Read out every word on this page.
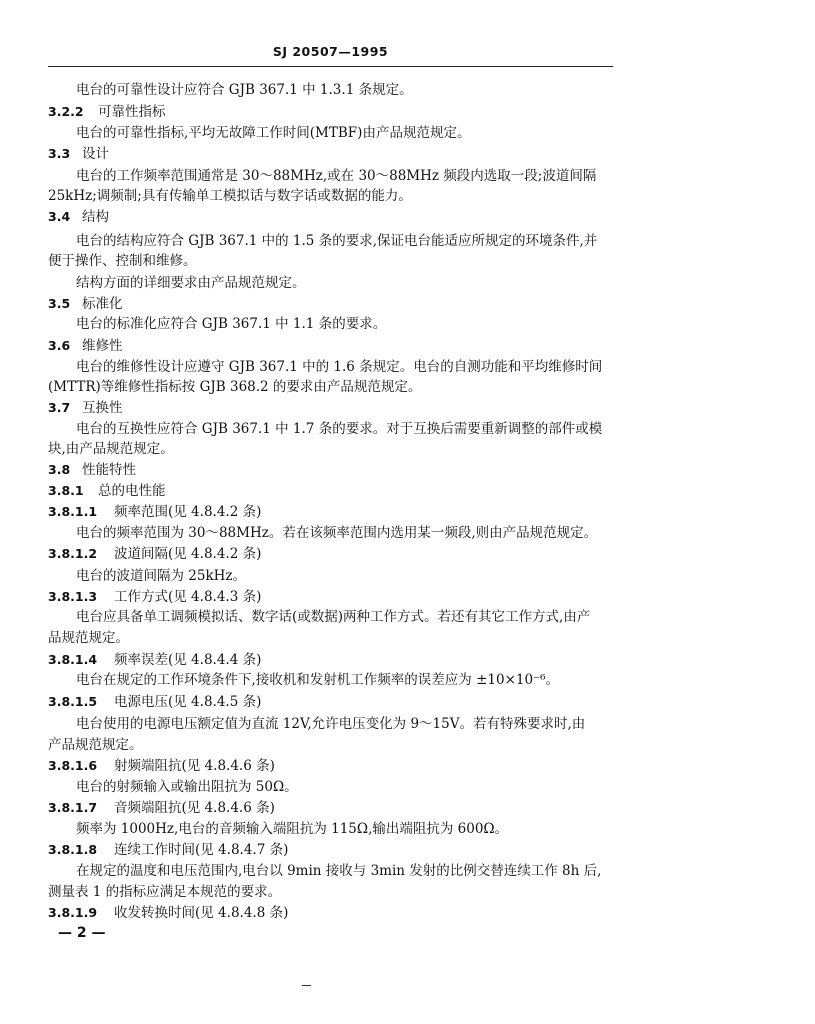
SJ 20507—1995
电台的可靠性设计应符合 GJB 367.1 中 1.3.1 条规定。
3.2.2 可靠性指标
电台的可靠性指标,平均无故障工作时间(MTBF)由产品规范规定。
3.3 设计
电台的工作频率范围通常是 30～88MHz,或在 30～88MHz 频段内选取一段;波道间隔
25kHz;调频制;具有传输单工模拟话与数字话或数据的能力。
3.4 结构
电台的结构应符合 GJB 367.1 中的 1.5 条的要求,保证电台能适应所规定的环境条件,并
便于操作、控制和维修。
结构方面的详细要求由产品规范规定。
3.5 标准化
电台的标准化应符合 GJB 367.1 中 1.1 条的要求。
3.6 维修性
电台的维修性设计应遵守 GJB 367.1 中的 1.6 条规定。电台的自测功能和平均维修时间
(MTTR)等维修性指标按 GJB 368.2 的要求由产品规范规定。
3.7 互换性
电台的互换性应符合 GJB 367.1 中 1.7 条的要求。对于互换后需要重新调整的部件或模
块,由产品规范规定。
3.8 性能特性
3.8.1 总的电性能
3.8.1.1 频率范围(见 4.8.4.2 条)
电台的频率范围为 30～88MHz。若在该频率范围内选用某一频段,则由产品规范规定。
3.8.1.2 波道间隔(见 4.8.4.2 条)
电台的波道间隔为 25kHz。
3.8.1.3 工作方式(见 4.8.4.3 条)
电台应具备单工调频模拟话、数字话(或数据)两种工作方式。若还有其它工作方式,由产
品规范规定。
3.8.1.4 频率误差(见 4.8.4.4 条)
电台在规定的工作环境条件下,接收机和发射机工作频率的误差应为 ±10×10⁻⁶。
3.8.1.5 电源电压(见 4.8.4.5 条)
电台使用的电源电压额定值为直流 12V,允许电压变化为 9～15V。若有特殊要求时,由
产品规范规定。
3.8.1.6 射频端阻抗(见 4.8.4.6 条)
电台的射频输入或输出阻抗为 50Ω。
3.8.1.7 音频端阻抗(见 4.8.4.6 条)
频率为 1000Hz,电台的音频输入端阻抗为 115Ω,输出端阻抗为 600Ω。
3.8.1.8 连续工作时间(见 4.8.4.7 条)
在规定的温度和电压范围内,电台以 9min 接收与 3min 发射的比例交替连续工作 8h 后,
测量表 1 的指标应满足本规范的要求。
3.8.1.9 收发转换时间(见 4.8.4.8 条)
— 2 —
